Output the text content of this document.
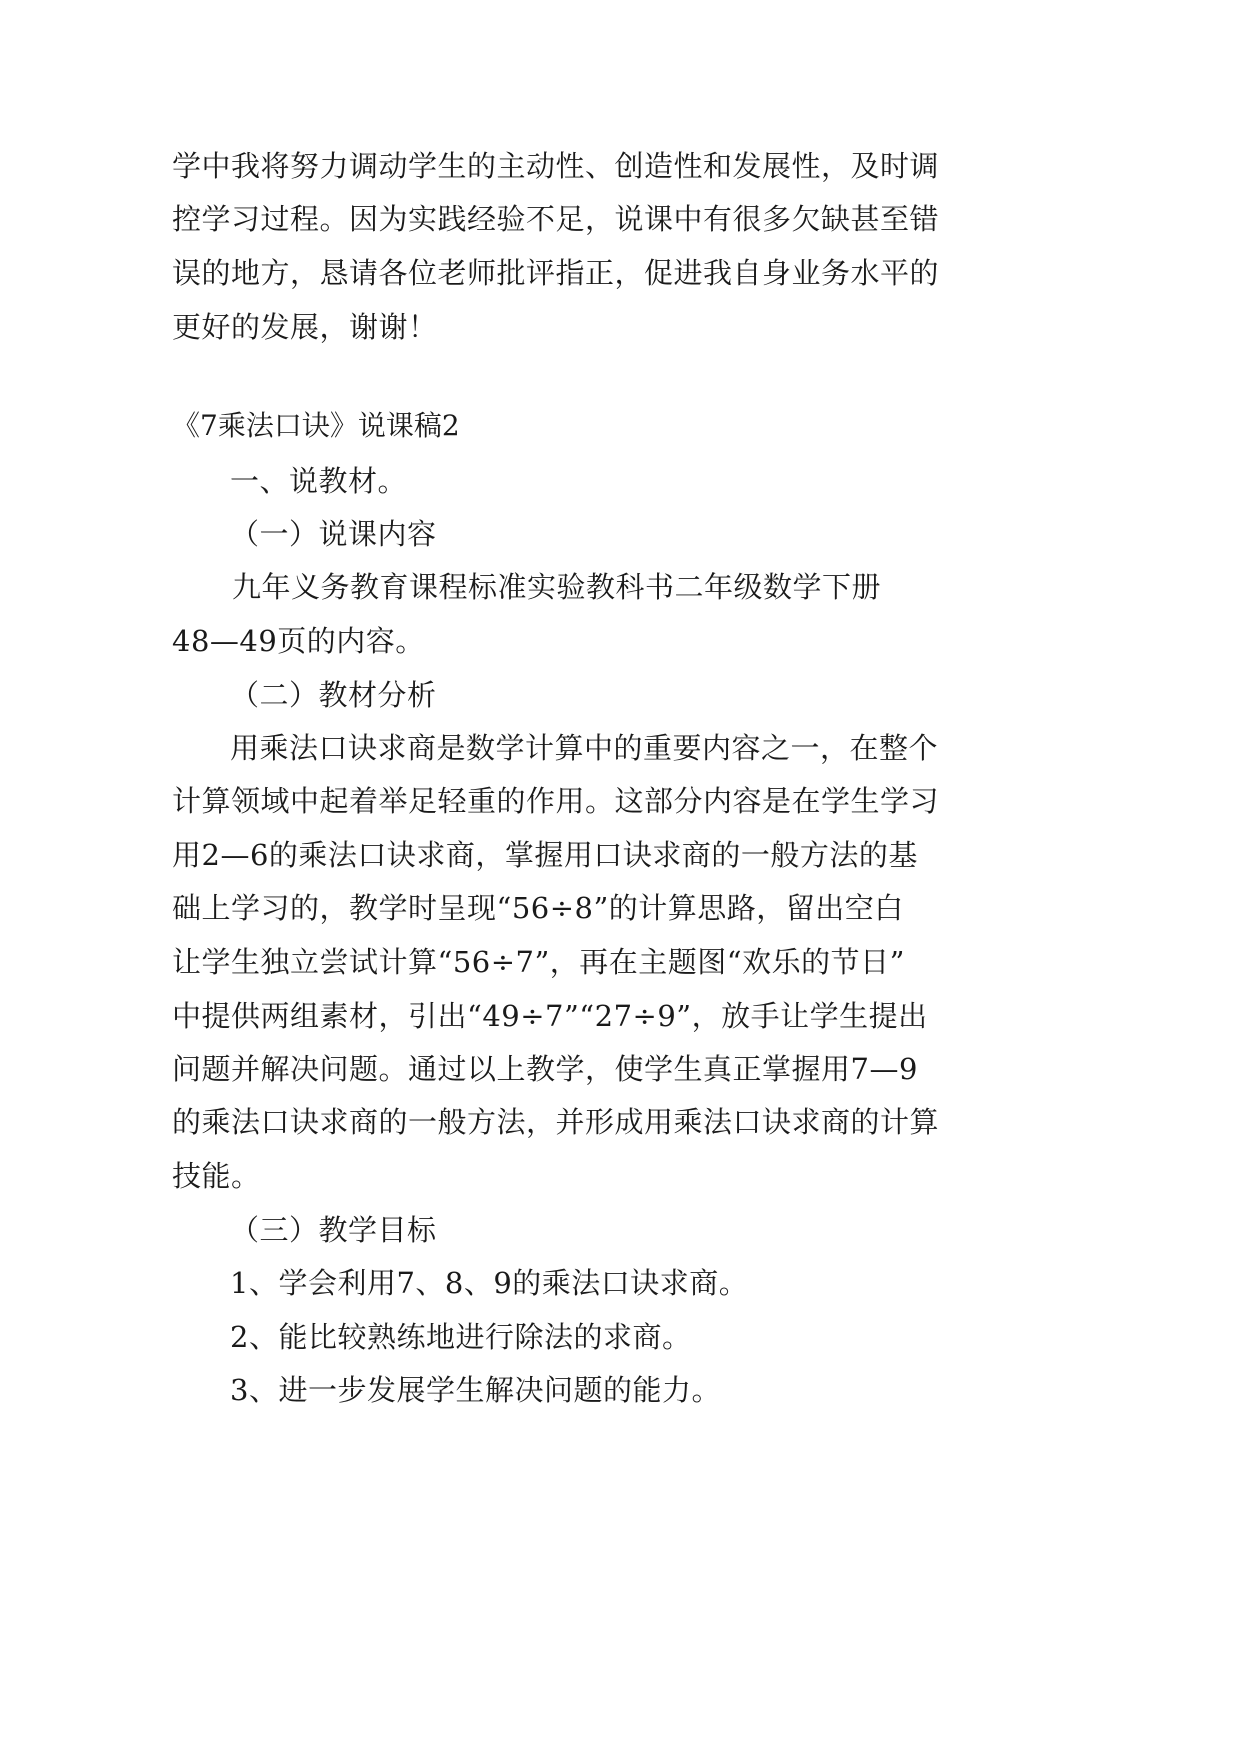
学中我将努力调动学生的主动性、创造性和发展性，及时调
控学习过程。因为实践经验不足，说课中有很多欠缺甚至错
误的地方，恳请各位老师批评指正，促进我自身业务水平的
更好的发展，谢谢！
《7乘法口诀》说课稿2
一、说教材。
（一）说课内容
九年义务教育课程标准实验教科书二年级数学下册
48—49页的内容。
（二）教材分析
用乘法口诀求商是数学计算中的重要内容之一，在整个
计算领域中起着举足轻重的作用。这部分内容是在学生学习
用2—6的乘法口诀求商，掌握用口诀求商的一般方法的基
础上学习的，教学时呈现“56÷8”的计算思路，留出空白
让学生独立尝试计算“56÷7”，再在主题图“欢乐的节日”
中提供两组素材，引出“49÷7”“27÷9”，放手让学生提出
问题并解决问题。通过以上教学，使学生真正掌握用7—9
的乘法口诀求商的一般方法，并形成用乘法口诀求商的计算
技能。
（三）教学目标
1、学会利用7、8、9的乘法口诀求商。
2、能比较熟练地进行除法的求商。
3、进一步发展学生解决问题的能力。
